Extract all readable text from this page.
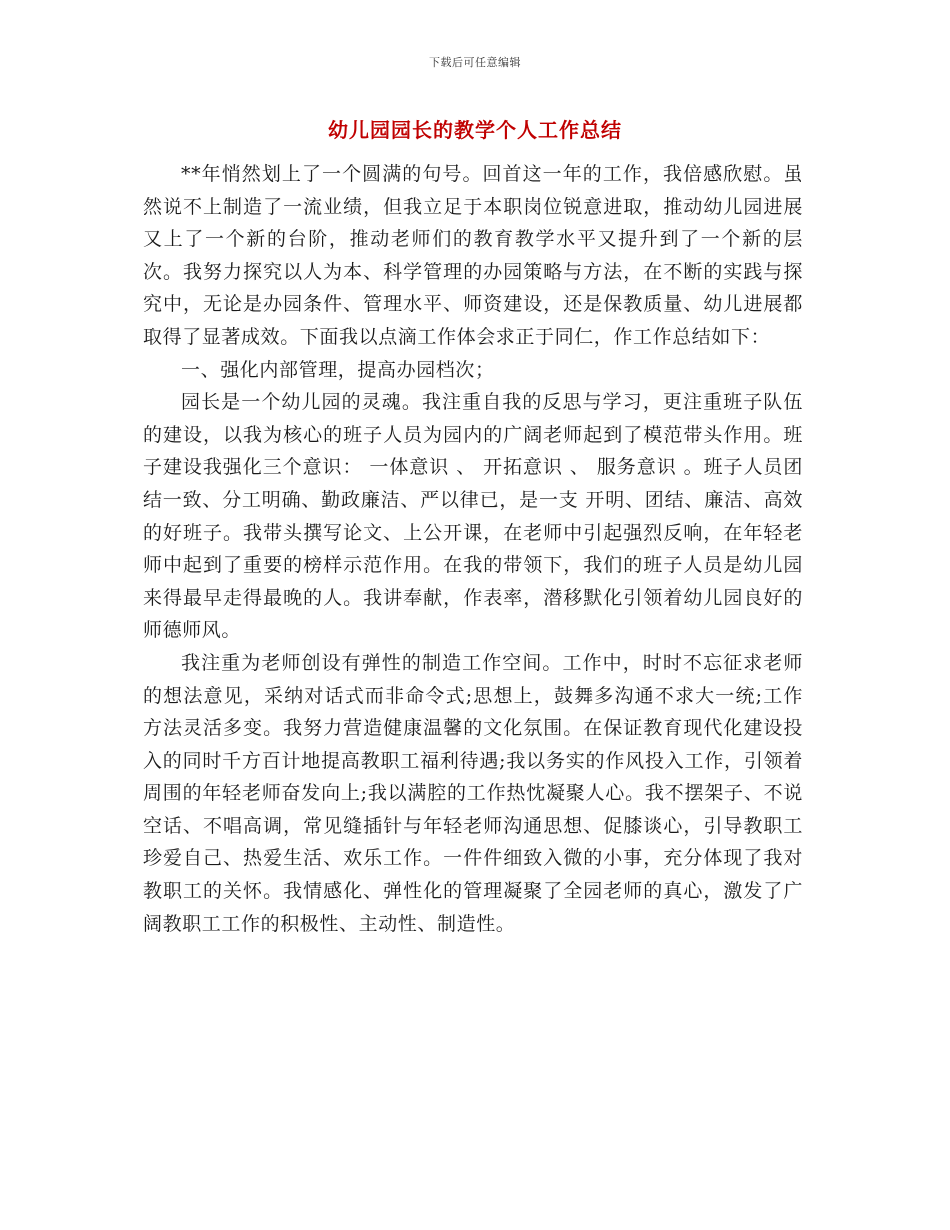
下载后可任意编辑
幼儿园园长的教学个人工作总结

**年悄然划上了一个圆满的句号。回首这一年的工作，我倍感欣慰。虽然说不上制造了一流业绩，但我立足于本职岗位锐意进取，推动幼儿园进展又上了一个新的台阶，推动老师们的教育教学水平又提升到了一个新的层次。我努力探究以人为本、科学管理的办园策略与方法，在不断的实践与探究中，无论是办园条件、管理水平、师资建设，还是保教质量、幼儿进展都取得了显著成效。下面我以点滴工作体会求正于同仁，作工作总结如下：

一、强化内部管理，提高办园档次；

园长是一个幼儿园的灵魂。我注重自我的反思与学习，更注重班子队伍的建设，以我为核心的班子人员为园内的广阔老师起到了模范带头作用。班子建设我强化三个意识： 一体意识 、 开拓意识 、 服务意识 。班子人员团结一致、分工明确、勤政廉洁、严以律已，是一支 开明、团结、廉洁、高效 的好班子。我带头撰写论文、上公开课，在老师中引起强烈反响，在年轻老师中起到了重要的榜样示范作用。在我的带领下，我们的班子人员是幼儿园来得最早走得最晚的人。我讲奉献，作表率，潜移默化引领着幼儿园良好的师德师风。

我注重为老师创设有弹性的制造工作空间。工作中，时时不忘征求老师的想法意见，采纳对话式而非命令式;思想上，鼓舞多沟通不求大一统;工作方法灵活多变。我努力营造健康温馨的文化氛围。在保证教育现代化建设投入的同时千方百计地提高教职工福利待遇;我以务实的作风投入工作，引领着周围的年轻老师奋发向上;我以满腔的工作热忱凝聚人心。我不摆架子、不说空话、不唱高调，常见缝插针与年轻老师沟通思想、促膝谈心，引导教职工珍爱自己、热爱生活、欢乐工作。一件件细致入微的小事，充分体现了我对教职工的关怀。我情感化、弹性化的管理凝聚了全园老师的真心，激发了广阔教职工工作的积极性、主动性、制造性。
